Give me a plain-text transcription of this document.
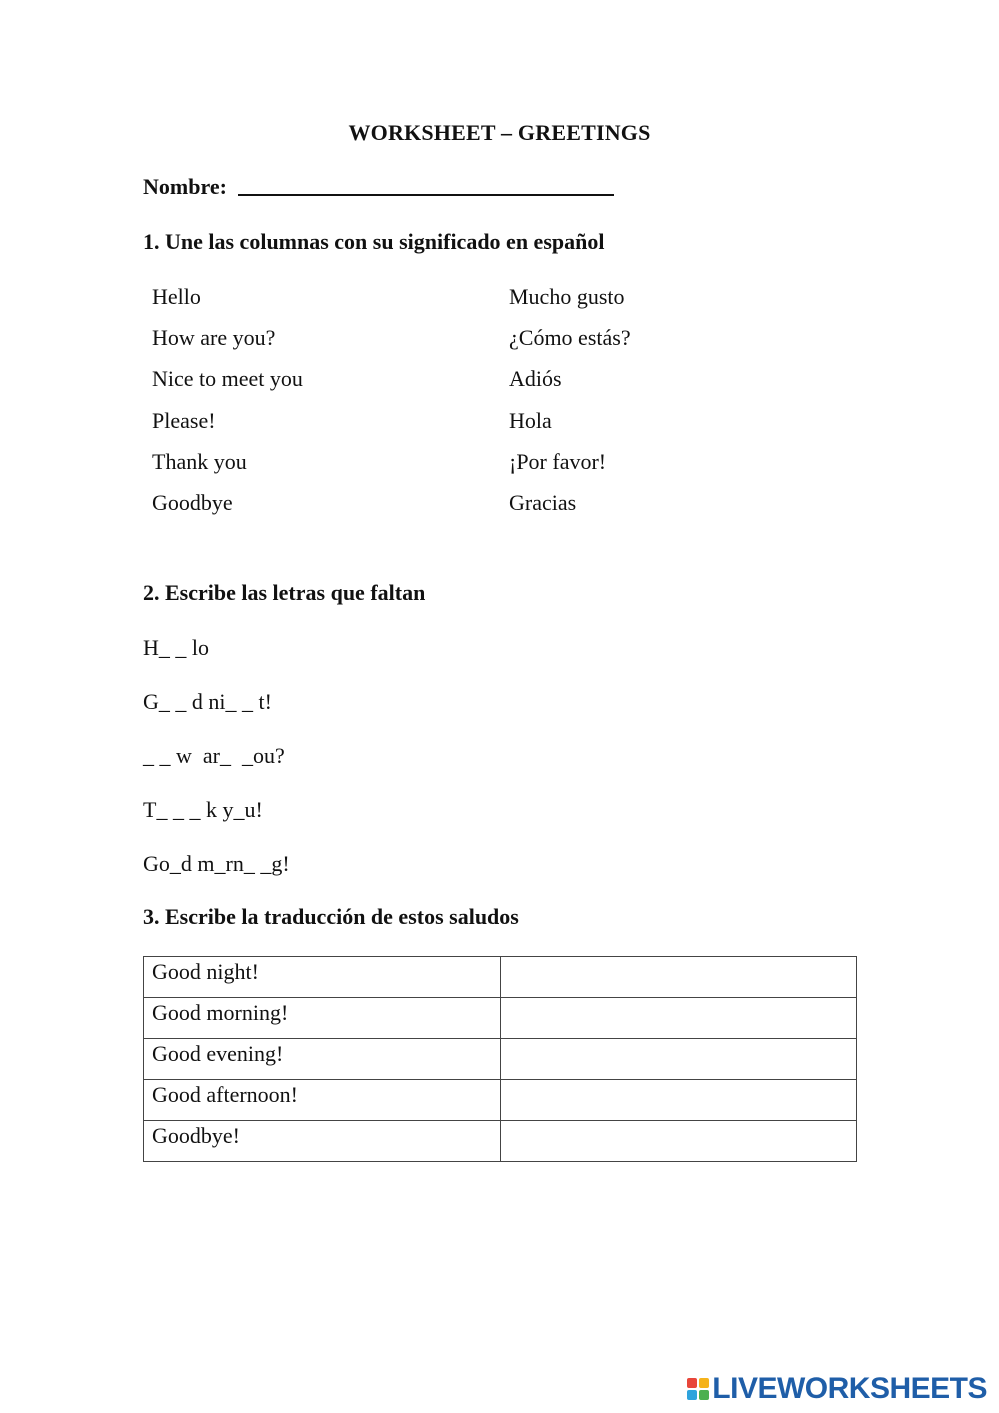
WORKSHEET – GREETINGS
Nombre:
1. Une las columnas con su significado en español
Hello	Mucho gusto
How are you?	¿Cómo estás?
Nice to meet you	Adiós
Please!	Hola
Thank you	¡Por favor!
Goodbye	Gracias
2. Escribe las letras que faltan
H_ _ lo
G_ _ d ni_ _ t!
_ _ w  ar_  _ou?
T_ _ _ k y_u!
Go_d m_rn_ _g!
3. Escribe la traducción de estos saludos
Good night!	
Good morning!	
Good evening!	
Good afternoon!	
Goodbye!	
LIVEWORKSHEETS
